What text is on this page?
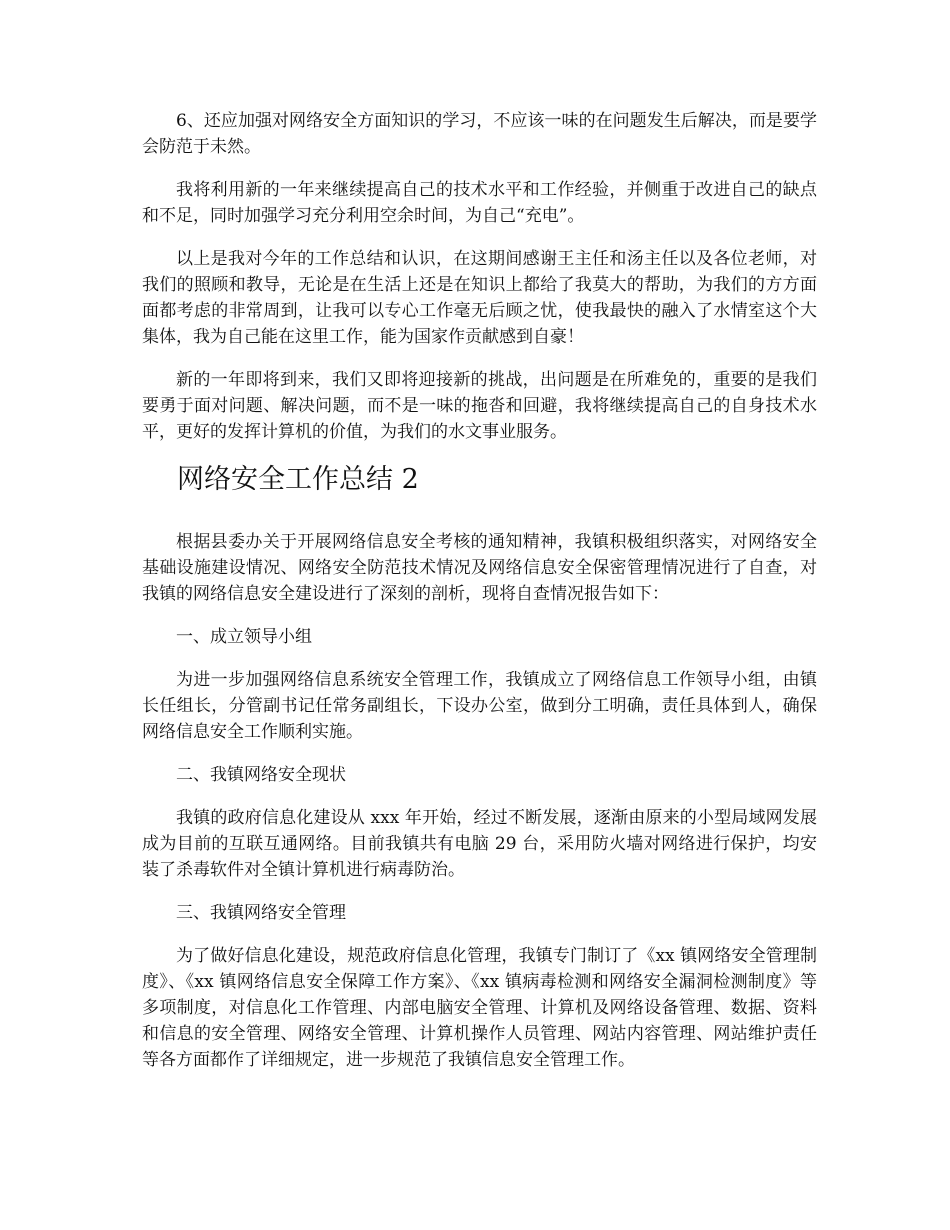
6、还应加强对网络安全方面知识的学习，不应该一味的在问题发生后解决，而是要学会防范于未然。

我将利用新的一年来继续提高自己的技术水平和工作经验，并侧重于改进自己的缺点和不足，同时加强学习充分利用空余时间，为自己“充电”。

以上是我对今年的工作总结和认识，在这期间感谢王主任和汤主任以及各位老师，对我们的照顾和教导，无论是在生活上还是在知识上都给了我莫大的帮助，为我们的方方面面都考虑的非常周到，让我可以专心工作毫无后顾之忧，使我最快的融入了水情室这个大集体，我为自己能在这里工作，能为国家作贡献感到自豪！

新的一年即将到来，我们又即将迎接新的挑战，出问题是在所难免的，重要的是我们要勇于面对问题、解决问题，而不是一味的拖沓和回避，我将继续提高自己的自身技术水平，更好的发挥计算机的价值，为我们的水文事业服务。

网络安全工作总结 2

根据县委办关于开展网络信息安全考核的通知精神，我镇积极组织落实，对网络安全基础设施建设情况、网络安全防范技术情况及网络信息安全保密管理情况进行了自查，对我镇的网络信息安全建设进行了深刻的剖析，现将自查情况报告如下：

一、成立领导小组

为进一步加强网络信息系统安全管理工作，我镇成立了网络信息工作领导小组，由镇长任组长，分管副书记任常务副组长，下设办公室，做到分工明确，责任具体到人，确保网络信息安全工作顺利实施。

二、我镇网络安全现状

我镇的政府信息化建设从 xxx 年开始，经过不断发展，逐渐由原来的小型局域网发展成为目前的互联互通网络。目前我镇共有电脑 29 台，采用防火墙对网络进行保护，均安装了杀毒软件对全镇计算机进行病毒防治。

三、我镇网络安全管理

为了做好信息化建设，规范政府信息化管理，我镇专门制订了《xx 镇网络安全管理制度》、《xx 镇网络信息安全保障工作方案》、《xx 镇病毒检测和网络安全漏洞检测制度》等多项制度，对信息化工作管理、内部电脑安全管理、计算机及网络设备管理、数据、资料和信息的安全管理、网络安全管理、计算机操作人员管理、网站内容管理、网站维护责任等各方面都作了详细规定，进一步规范了我镇信息安全管理工作。
